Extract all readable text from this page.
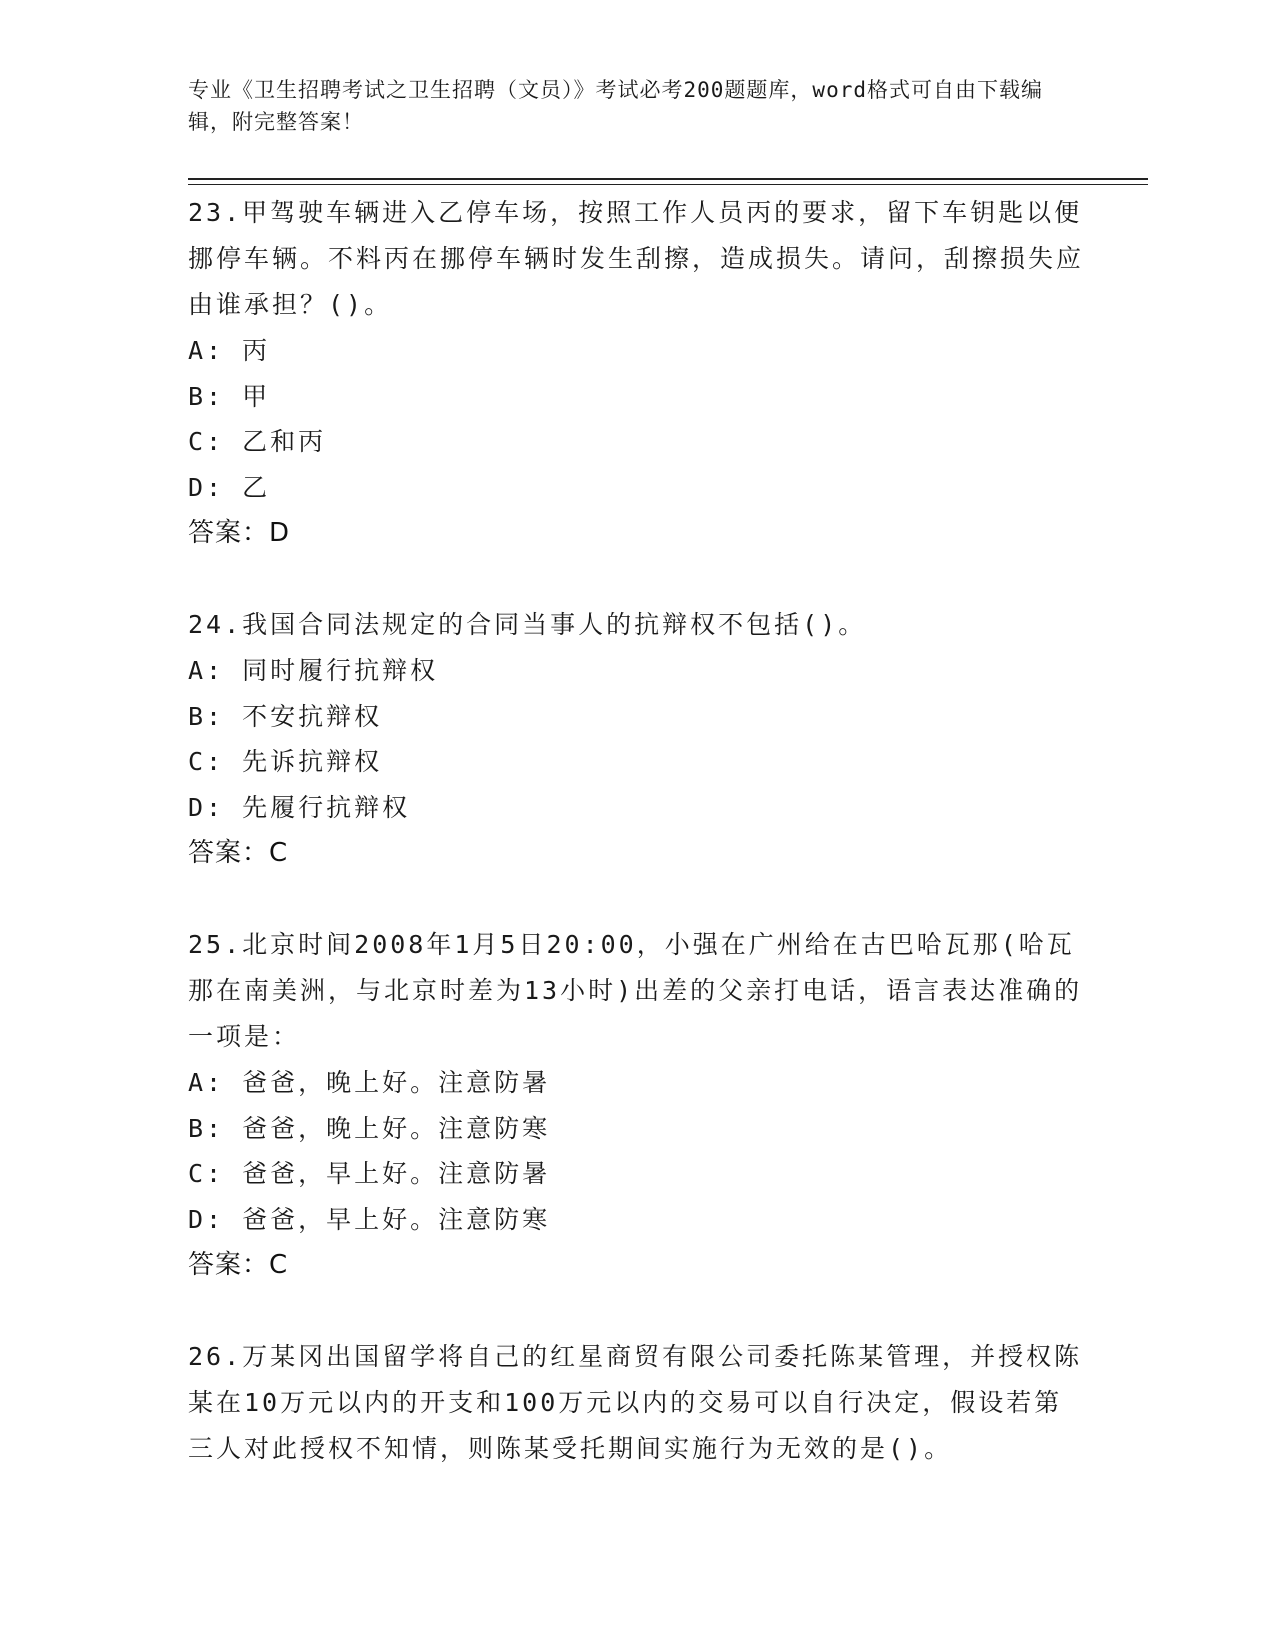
专业《卫生招聘考试之卫生招聘（文员）》考试必考200题题库，word格式可自由下载编辑，附完整答案！

23.甲驾驶车辆进入乙停车场，按照工作人员丙的要求，留下车钥匙以便挪停车辆。不料丙在挪停车辆时发生刮擦，造成损失。请问，刮擦损失应由谁承担？()。

A: 丙

B: 甲

C: 乙和丙

D: 乙

答案：D

24.我国合同法规定的合同当事人的抗辩权不包括()。

A: 同时履行抗辩权

B: 不安抗辩权

C: 先诉抗辩权

D: 先履行抗辩权

答案：C

25.北京时间2008年1月5日20:00，小强在广州给在古巴哈瓦那(哈瓦那在南美洲，与北京时差为13小时)出差的父亲打电话，语言表达准确的一项是：

A: 爸爸，晚上好。注意防暑

B: 爸爸，晚上好。注意防寒

C: 爸爸，早上好。注意防暑

D: 爸爸，早上好。注意防寒

答案：C

26.万某冈出国留学将自己的红星商贸有限公司委托陈某管理，并授权陈某在10万元以内的开支和100万元以内的交易可以自行决定，假设若第三人对此授权不知情，则陈某受托期间实施行为无效的是()。
